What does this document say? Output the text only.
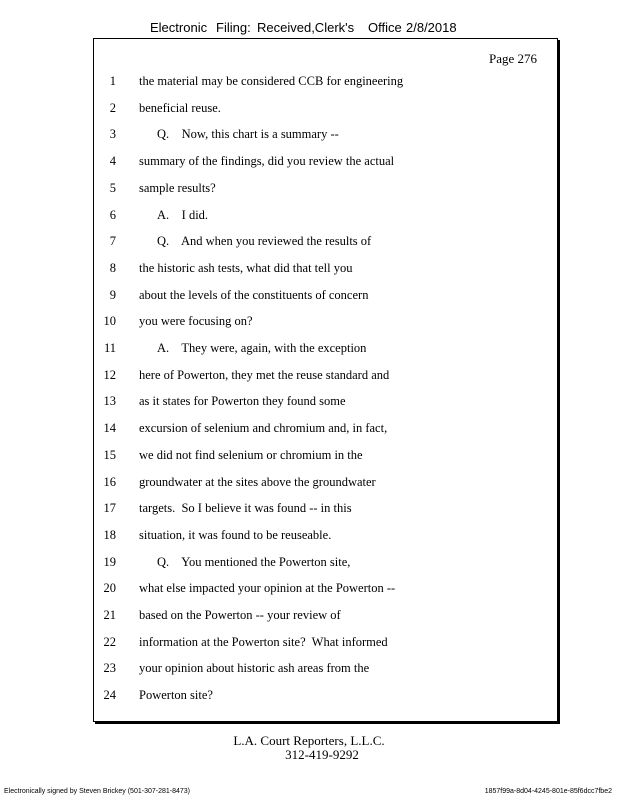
Electronic Filing: Received,Clerk's Office 2/8/2018
Page 276
1 the material may be considered CCB for engineering
2 beneficial reuse.
3	Q.    Now, this chart is a summary --
4 summary of the findings, did you review the actual
5 sample results?
6	A.    I did.
7	Q.    And when you reviewed the results of
8 the historic ash tests, what did that tell you
9 about the levels of the constituents of concern
10 you were focusing on?
11	A.    They were, again, with the exception
12 here of Powerton, they met the reuse standard and
13 as it states for Powerton they found some
14 excursion of selenium and chromium and, in fact,
15 we did not find selenium or chromium in the
16 groundwater at the sites above the groundwater
17 targets.  So I believe it was found -- in this
18 situation, it was found to be reuseable.
19	Q.    You mentioned the Powerton site,
20 what else impacted your opinion at the Powerton --
21 based on the Powerton -- your review of
22 information at the Powerton site?  What informed
23 your opinion about historic ash areas from the
24 Powerton site?
L.A. Court Reporters, L.L.C.
312-419-9292
Electronically signed by Steven Brickey (501-307-281-8473)	1857f99a-8d04-4245-801e-85f6dcc7fbe2
